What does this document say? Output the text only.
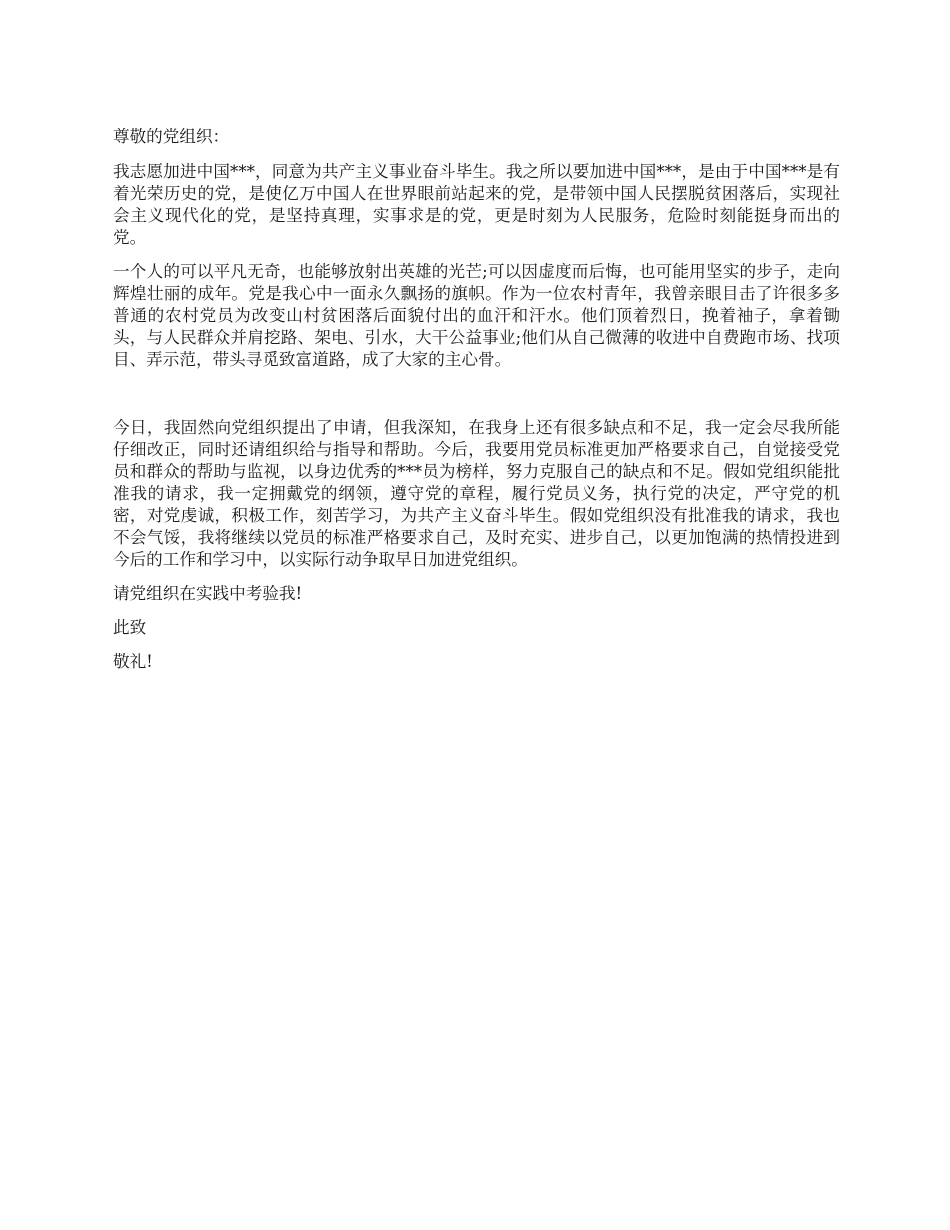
尊敬的党组织：

我志愿加进中国***，同意为共产主义事业奋斗毕生。我之所以要加进中国***，是由于中国***是有着光荣历史的党，是使亿万中国人在世界眼前站起来的党，是带领中国人民摆脱贫困落后，实现社会主义现代化的党，是坚持真理，实事求是的党，更是时刻为人民服务，危险时刻能挺身而出的党。

一个人的可以平凡无奇，也能够放射出英雄的光芒;可以因虚度而后悔，也可能用坚实的步子，走向辉煌壮丽的成年。党是我心中一面永久飘扬的旗帜。作为一位农村青年，我曾亲眼目击了许很多多普通的农村党员为改变山村贫困落后面貌付出的血汗和汗水。他们顶着烈日，挽着袖子，拿着锄头，与人民群众并肩挖路、架电、引水，大干公益事业;他们从自己微薄的收进中自费跑市场、找项目、弄示范，带头寻觅致富道路，成了大家的主心骨。

今日，我固然向党组织提出了申请，但我深知，在我身上还有很多缺点和不足，我一定会尽我所能仔细改正，同时还请组织给与指导和帮助。今后，我要用党员标准更加严格要求自己，自觉接受党员和群众的帮助与监视，以身边优秀的***员为榜样，努力克服自己的缺点和不足。假如党组织能批准我的请求，我一定拥戴党的纲领，遵守党的章程，履行党员义务，执行党的决定，严守党的机密，对党虔诚，积极工作，刻苦学习，为共产主义奋斗毕生。假如党组织没有批准我的请求，我也不会气馁，我将继续以党员的标准严格要求自己，及时充实、进步自己，以更加饱满的热情投进到今后的工作和学习中，以实际行动争取早日加进党组织。

请党组织在实践中考验我!

此致

敬礼!
